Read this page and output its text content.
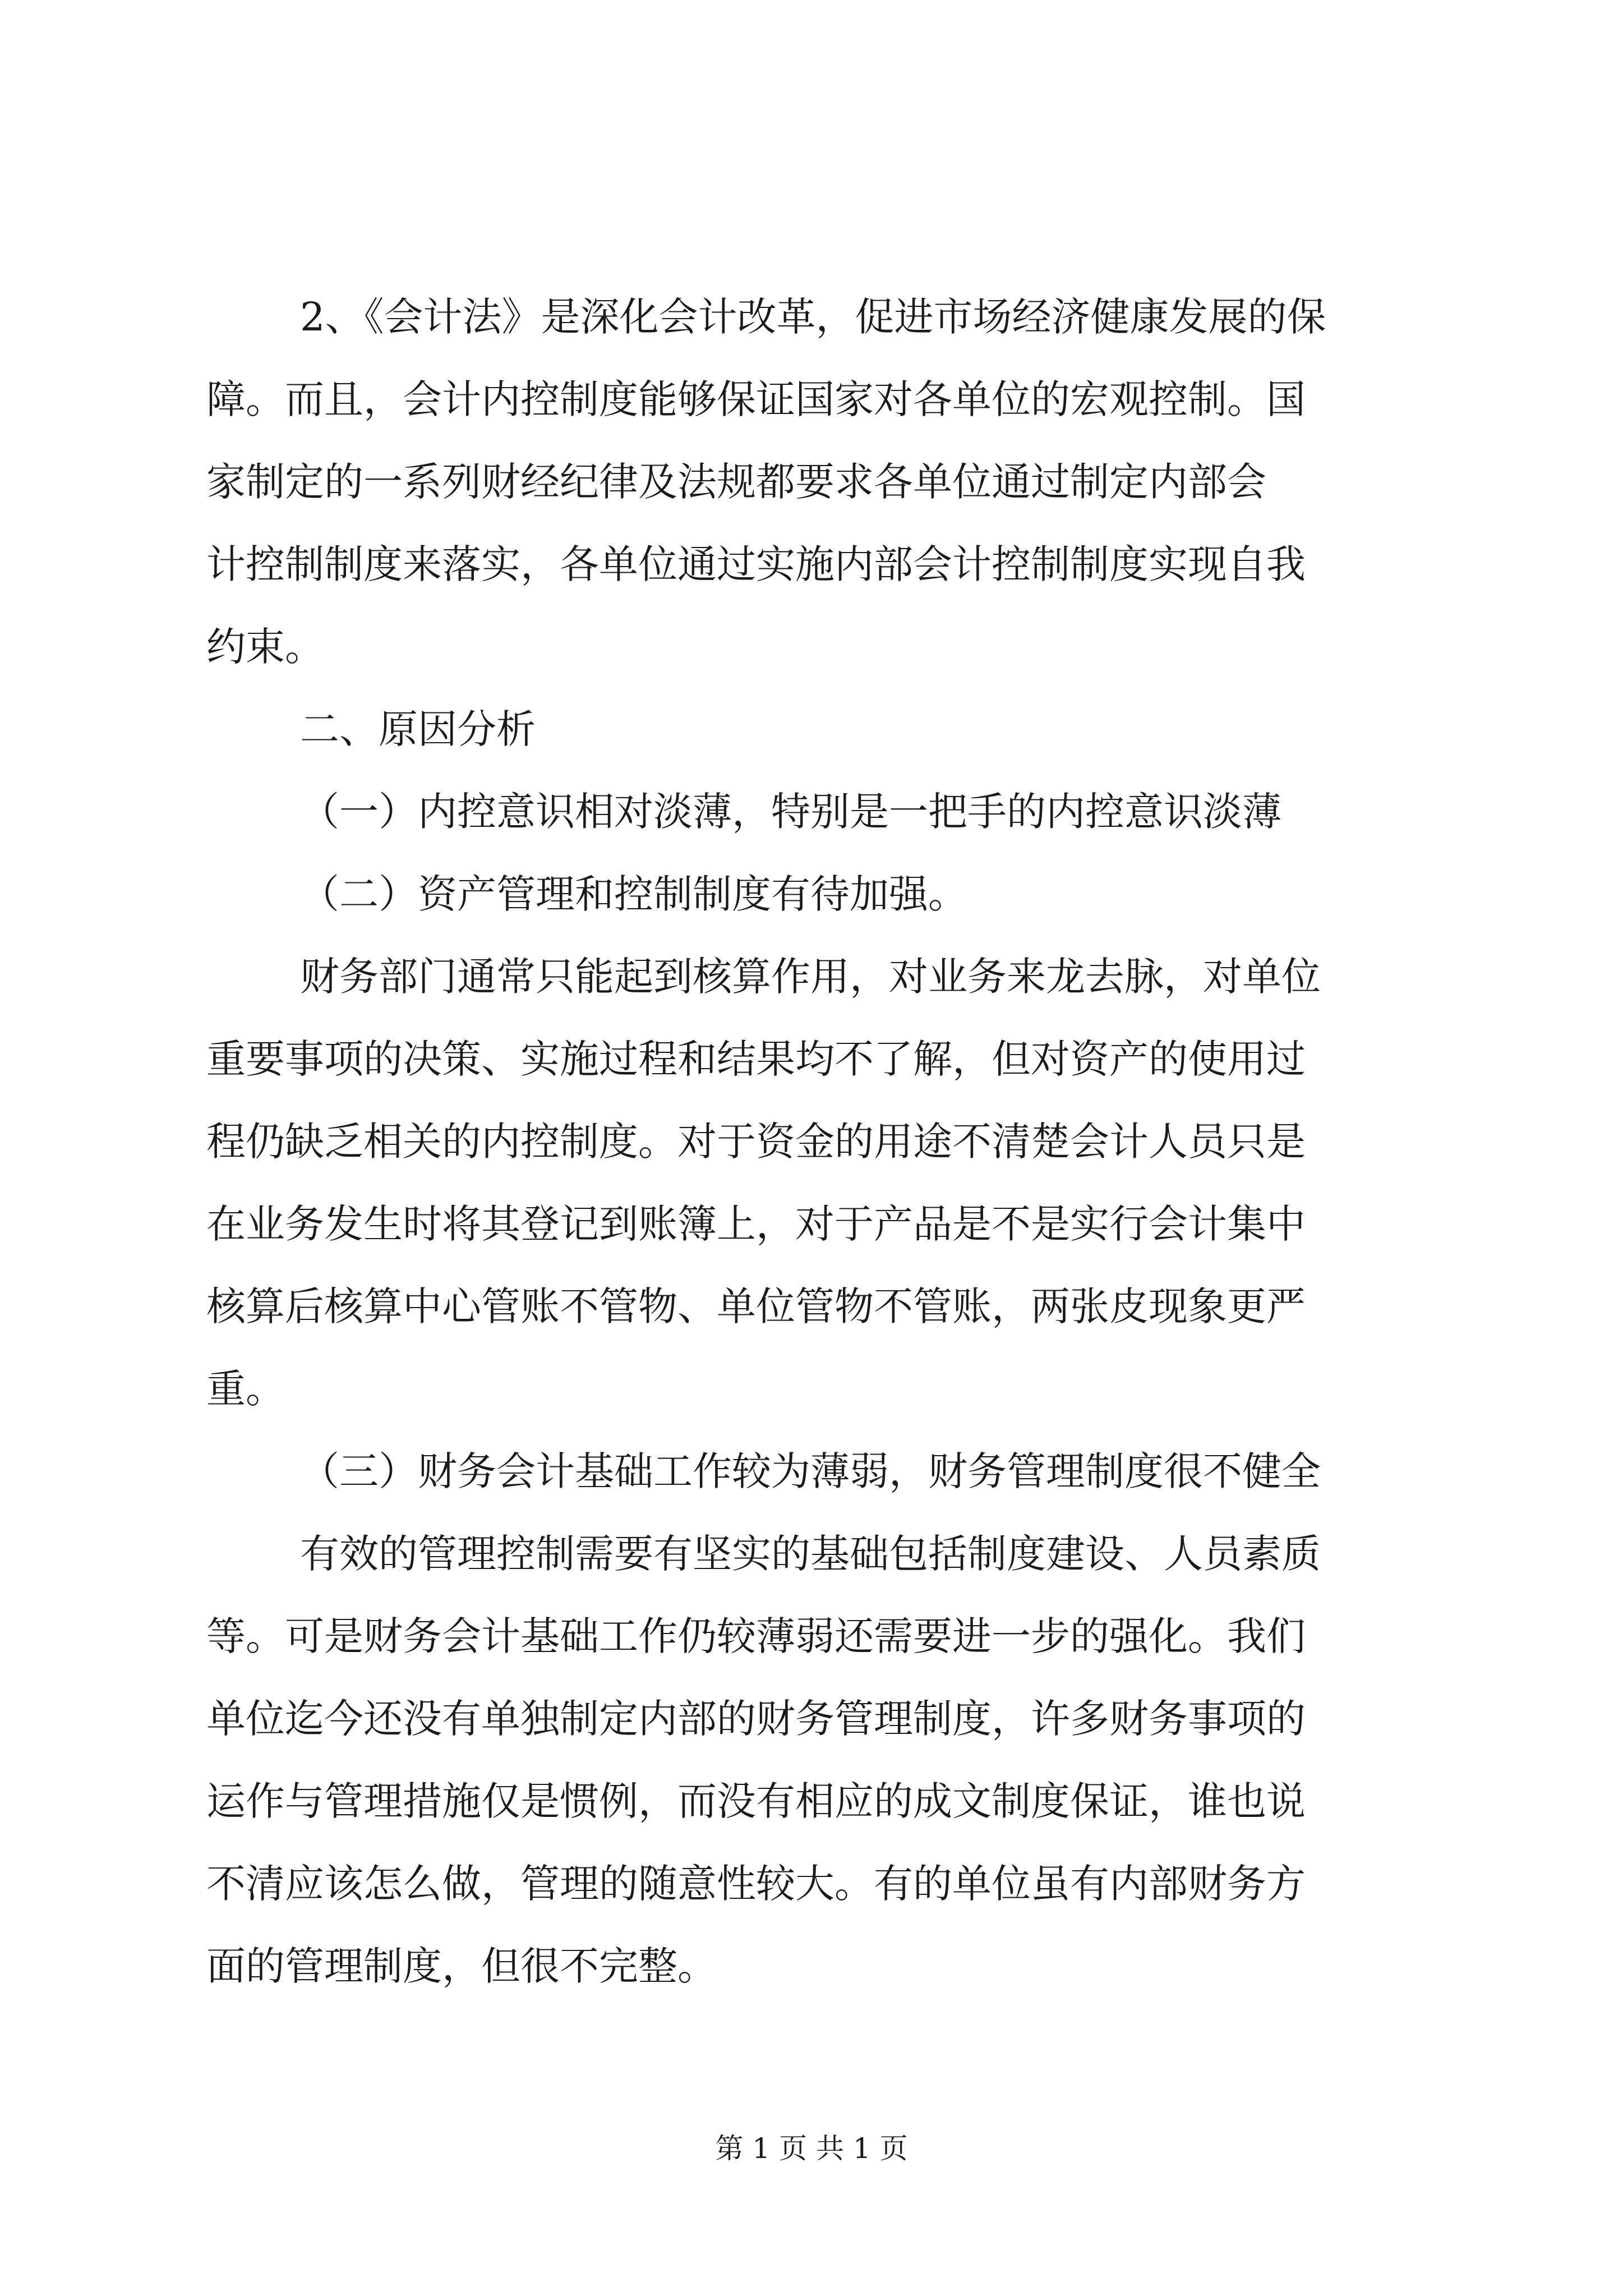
2、《会计法》是深化会计改革，促进市场经济健康发展的保

障。而且，会计内控制度能够保证国家对各单位的宏观控制。国

家制定的一系列财经纪律及法规都要求各单位通过制定内部会

计控制制度来落实，各单位通过实施内部会计控制制度实现自我

约束。

二、原因分析

（一）内控意识相对淡薄，特别是一把手的内控意识淡薄

（二）资产管理和控制制度有待加强。

财务部门通常只能起到核算作用，对业务来龙去脉，对单位

重要事项的决策、实施过程和结果均不了解，但对资产的使用过

程仍缺乏相关的内控制度。对于资金的用途不清楚会计人员只是

在业务发生时将其登记到账簿上，对于产品是不是实行会计集中

核算后核算中心管账不管物、单位管物不管账，两张皮现象更严

重。

（三）财务会计基础工作较为薄弱，财务管理制度很不健全

有效的管理控制需要有坚实的基础包括制度建设、人员素质

等。可是财务会计基础工作仍较薄弱还需要进一步的强化。我们

单位迄今还没有单独制定内部的财务管理制度，许多财务事项的

运作与管理措施仅是惯例，而没有相应的成文制度保证，谁也说

不清应该怎么做，管理的随意性较大。有的单位虽有内部财务方

面的管理制度，但很不完整。

第 1 页 共 1 页
